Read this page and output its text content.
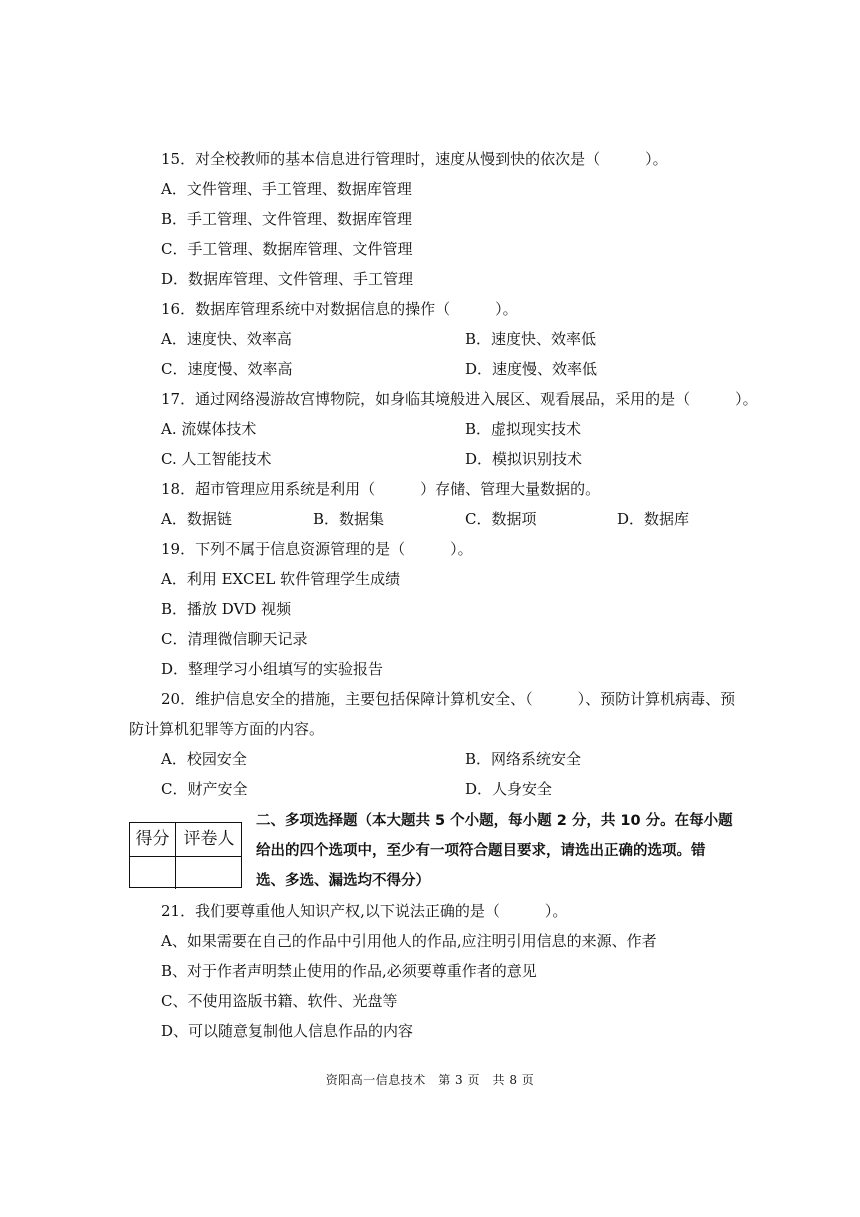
15．对全校教师的基本信息进行管理时，速度从慢到快的依次是（　　　）。
A．文件管理、手工管理、数据库管理
B．手工管理、文件管理、数据库管理
C．手工管理、数据库管理、文件管理
D．数据库管理、文件管理、手工管理
16．数据库管理系统中对数据信息的操作（　　　）。
A．速度快、效率高	B．速度快、效率低
C．速度慢、效率高	D．速度慢、效率低
17．通过网络漫游故宫博物院，如身临其境般进入展区、观看展品，采用的是（　　　）。
A. 流媒体技术	B．虚拟现实技术
C. 人工智能技术	D．模拟识别技术
18．超市管理应用系统是利用（　　　）存储、管理大量数据的。
A．数据链	B．数据集	C．数据项	D．数据库
19．下列不属于信息资源管理的是（　　　）。
A．利用 EXCEL 软件管理学生成绩
B．播放 DVD 视频
C．清理微信聊天记录
D．整理学习小组填写的实验报告
20．维护信息安全的措施，主要包括保障计算机安全、（　　　）、预防计算机病毒、预
防计算机犯罪等方面的内容。
A．校园安全	B．网络系统安全
C．财产安全	D．人身安全
得分 评卷人
二、多项选择题（本大题共 5 个小题，每小题 2 分，共 10 分。在每小题
给出的四个选项中，至少有一项符合题目要求，请选出正确的选项。错
选、多选、漏选均不得分）
21．我们要尊重他人知识产权,以下说法正确的是（　　　）。
A、如果需要在自己的作品中引用他人的作品,应注明引用信息的来源、作者
B、对于作者声明禁止使用的作品,必须要尊重作者的意见
C、不使用盗版书籍、软件、光盘等
D、可以随意复制他人信息作品的内容
资阳高一信息技术　第 3 页　共 8 页
